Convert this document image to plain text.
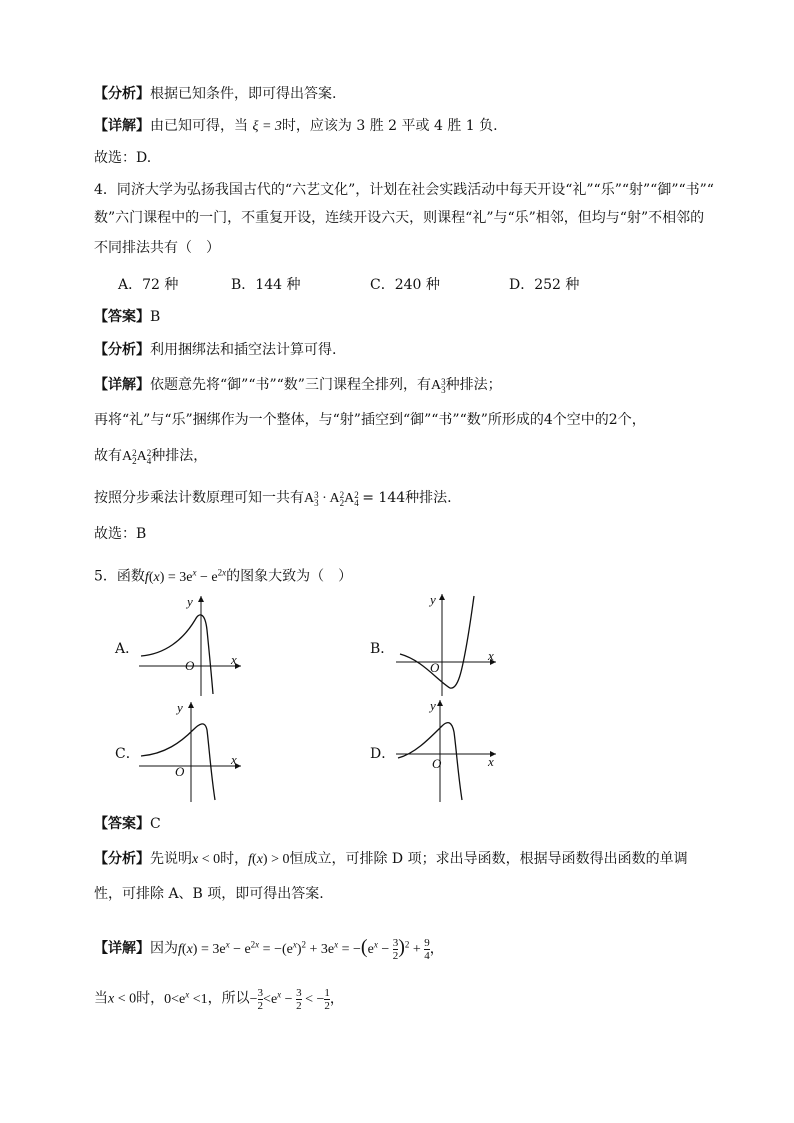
【分析】根据已知条件，即可得出答案.
【详解】由已知可得，当 ξ = 3时，应该为 3 胜 2 平或 4 胜 1 负.
故选：D.
4．同济大学为弘扬我国古代的“六艺文化”，计划在社会实践活动中每天开设“礼”“乐”“射”“御”“书”“
数”六门课程中的一门，不重复开设，连续开设六天，则课程“礼”与“乐”相邻，但均与“射”不相邻的
不同排法共有（　）
A．72 种	B．144 种	C．240 种	D．252 种
【答案】B
【分析】利用捆绑法和插空法计算可得.
【详解】依题意先将“御”“书”“数”三门课程全排列，有A3
3种排法；
再将“礼”与“乐”捆绑作为一个整体，与“射”插空到“御”“书”“数”所形成的4个空中的2个，
故有A2
2A2
4种排法，
按照分步乘法计数原理可知一共有A3
3 · A2
2A2
4 = 144种排法.
故选：B
5．函数$f(x) = 3e^x - e^{2x}$的图象大致为（　）
A．
x
y
O
B．	x
y
O
C．	x
y
O
D．	x
y
O
【答案】C
【分析】先说明x < 0时，f(x) > 0恒成立，可排除 D 项；求出导函数，根据导函数得出函数的单调
性，可排除 A、B 项，即可得出答案.
【详解】因为$f(x) = 3e^x - e^{2x} = -(e^x)^2 + 3e^x = -(e^x - 3$
2)$^2$ + 9
4，
当x < 0时，$0<e^x <1$，所以− 3
$2<e^x - 3$
2 < − 1
2，
